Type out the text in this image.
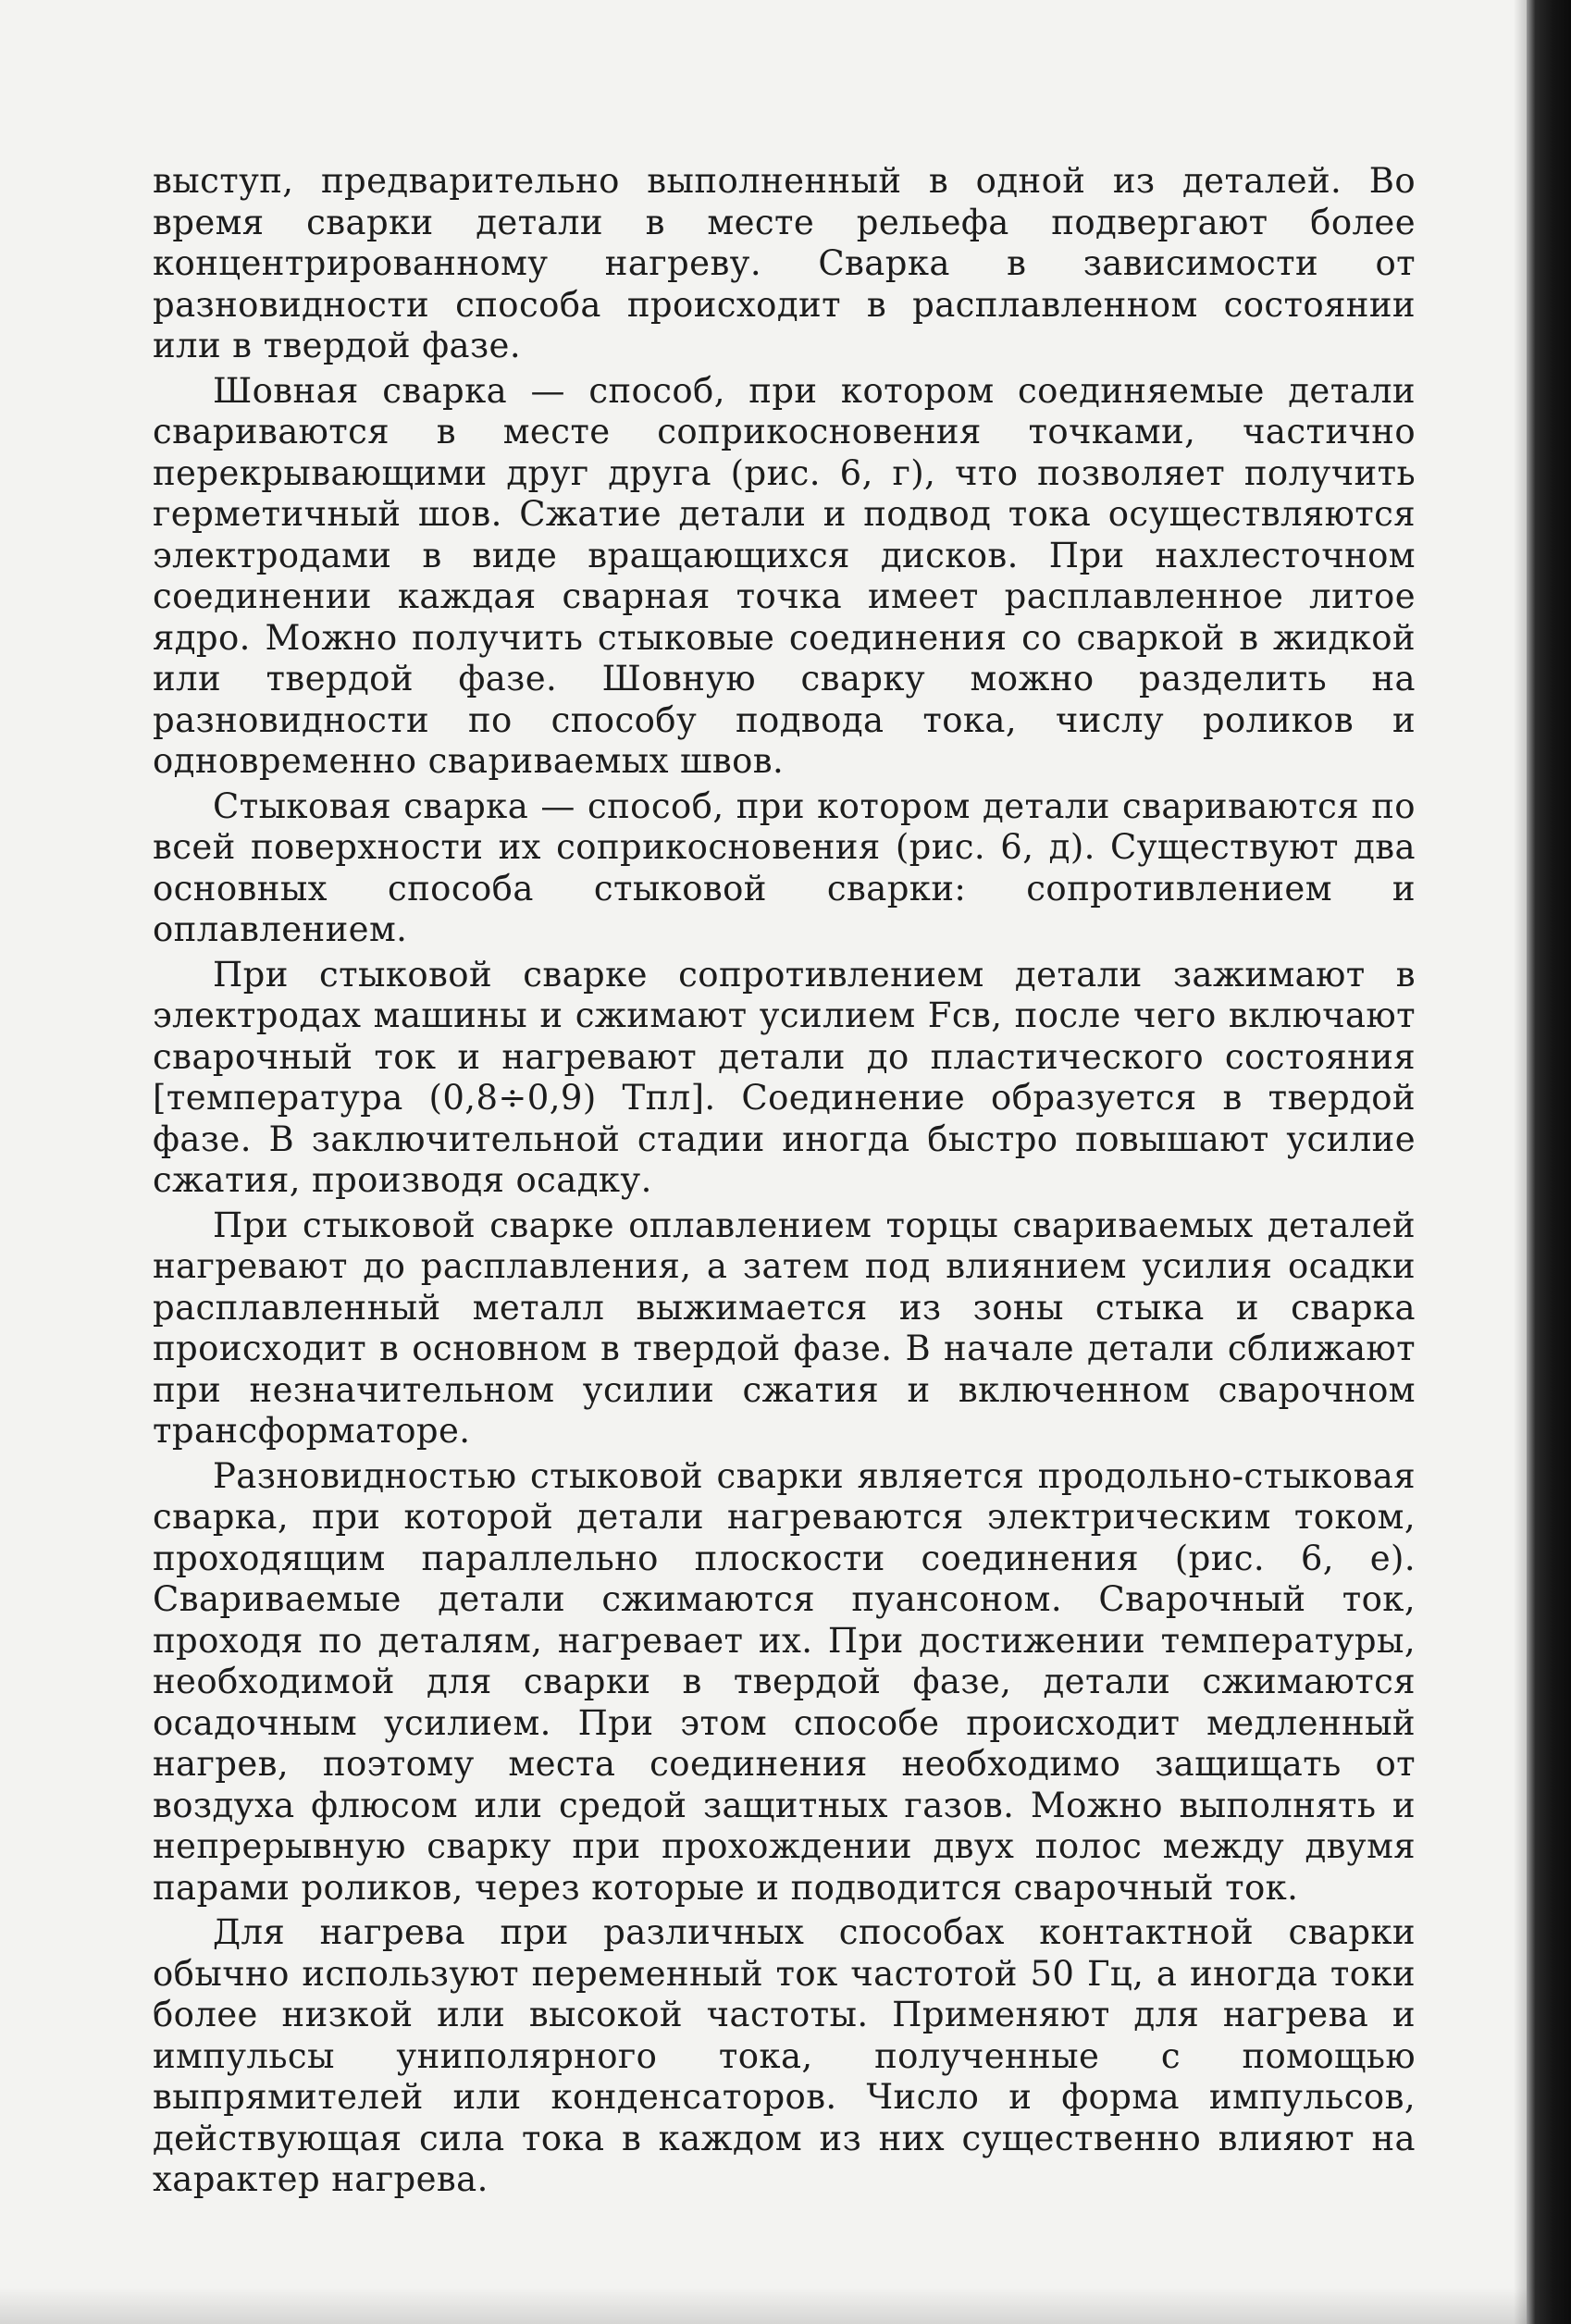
выступ, предварительно выполненный в одной из деталей. Во время сварки детали в месте рельефа подвергают более концентрированному нагреву. Сварка в зависимости от разновидности способа происходит в расплавленном состоянии или в твердой фазе.

Шовная сварка — способ, при котором соединяемые детали свариваются в месте соприкосновения точками, частично перекрывающими друг друга (рис. 6, г), что позволяет получить герметичный шов. Сжатие детали и подвод тока осуществляются электродами в виде вращающихся дисков. При нахлесточном соединении каждая сварная точка имеет расплавленное литое ядро. Можно получить стыковые соединения со сваркой в жидкой или твердой фазе. Шовную сварку можно разделить на разновидности по способу подвода тока, числу роликов и одновременно свариваемых швов.

Стыковая сварка — способ, при котором детали свариваются по всей поверхности их соприкосновения (рис. 6, д). Существуют два основных способа стыковой сварки: сопротивлением и оплавлением.

При стыковой сварке сопротивлением детали зажимают в электродах машины и сжимают усилием Fсв, после чего включают сварочный ток и нагревают детали до пластического состояния [температура (0,8÷0,9) Tпл]. Соединение образуется в твердой фазе. В заключительной стадии иногда быстро повышают усилие сжатия, производя осадку.

При стыковой сварке оплавлением торцы свариваемых деталей нагревают до расплавления, а затем под влиянием усилия осадки расплавленный металл выжимается из зоны стыка и сварка происходит в основном в твердой фазе. В начале детали сближают при незначительном усилии сжатия и включенном сварочном трансформаторе.

Разновидностью стыковой сварки является продольно-стыковая сварка, при которой детали нагреваются электрическим током, проходящим параллельно плоскости соединения (рис. 6, е). Свариваемые детали сжимаются пуансоном. Сварочный ток, проходя по деталям, нагревает их. При достижении температуры, необходимой для сварки в твердой фазе, детали сжимаются осадочным усилием. При этом способе происходит медленный нагрев, поэтому места соединения необходимо защищать от воздуха флюсом или средой защитных газов. Можно выполнять и непрерывную сварку при прохождении двух полос между двумя парами роликов, через которые и подводится сварочный ток.

Для нагрева при различных способах контактной сварки обычно используют переменный ток частотой 50 Гц, а иногда токи более низкой или высокой частоты. Применяют для нагрева и импульсы униполярного тока, полученные с помощью выпрямителей или конденсаторов. Число и форма импульсов, действующая сила тока в каждом из них существенно влияют на характер нагрева.
